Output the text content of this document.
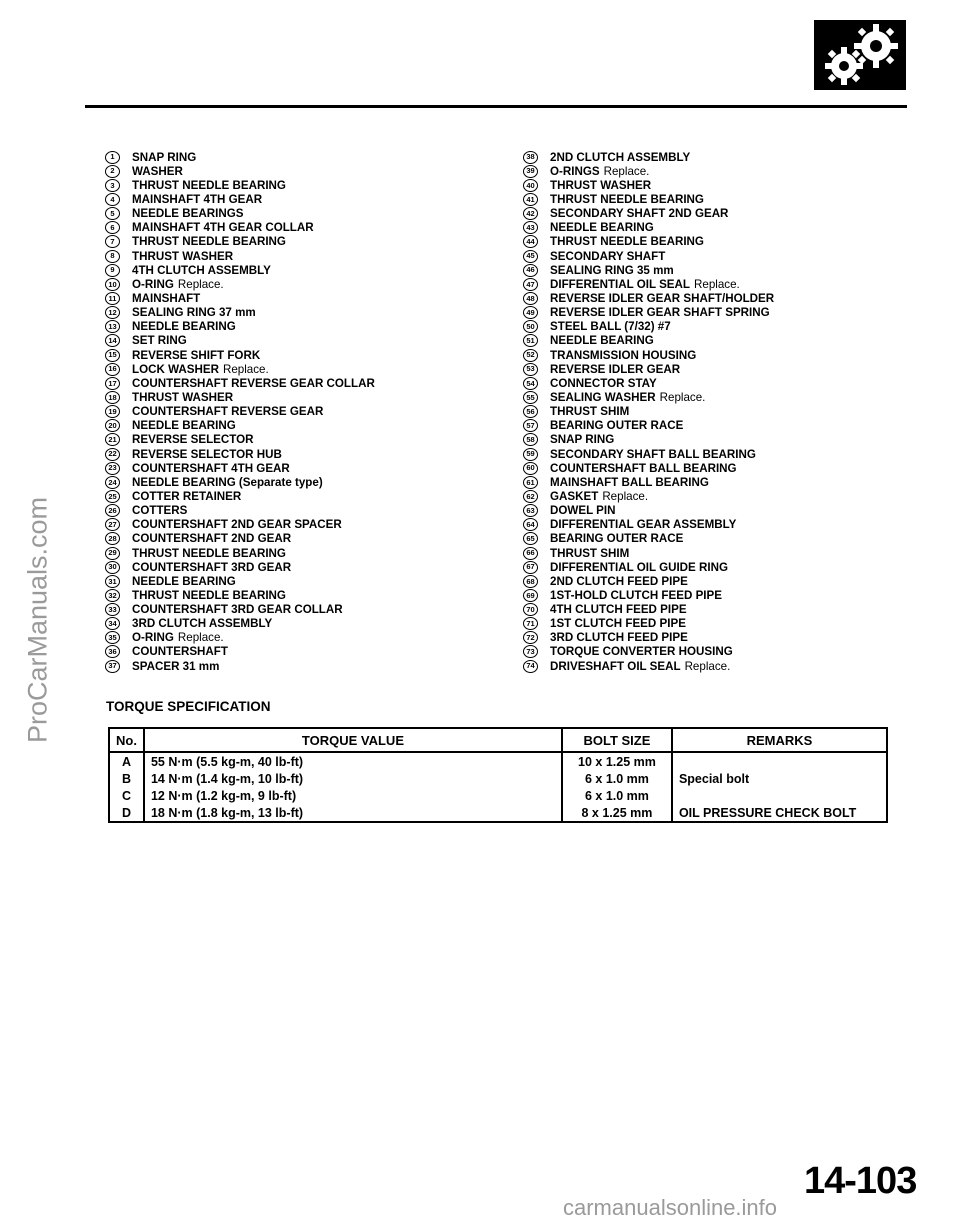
ProCarManuals.com
1	SNAP RING
2	WASHER
3	THRUST NEEDLE BEARING
4	MAINSHAFT 4TH GEAR
5	NEEDLE BEARINGS
6	MAINSHAFT 4TH GEAR COLLAR
7	THRUST NEEDLE BEARING
8	THRUST WASHER
9	4TH CLUTCH ASSEMBLY
10 O-RING Replace.
11	MAINSHAFT
12 SEALING RING 37 mm
13 NEEDLE BEARING
14 SET RING
15 REVERSE SHIFT FORK
16 LOCK WASHER Replace.
17 COUNTERSHAFT REVERSE GEAR COLLAR
18 THRUST WASHER
19 COUNTERSHAFT REVERSE GEAR
20 NEEDLE BEARING
21 REVERSE SELECTOR
22 REVERSE SELECTOR HUB
23 COUNTERSHAFT 4TH GEAR
24 NEEDLE BEARING (Separate type)
25 COTTER RETAINER
26 COTTERS
27 COUNTERSHAFT 2ND GEAR SPACER
28 COUNTERSHAFT 2ND GEAR
29 THRUST NEEDLE BEARING
30 COUNTERSHAFT 3RD GEAR
31 NEEDLE BEARING
32 THRUST NEEDLE BEARING
33 COUNTERSHAFT 3RD GEAR COLLAR
34 3RD CLUTCH ASSEMBLY
35 O-RING Replace.
36 COUNTERSHAFT
37 SPACER 31 mm
38 2ND CLUTCH ASSEMBLY
39 O-RINGS Replace.
40 THRUST WASHER
41 THRUST NEEDLE BEARING
42 SECONDARY SHAFT 2ND GEAR
43 NEEDLE BEARING
44 THRUST NEEDLE BEARING
45 SECONDARY SHAFT
46 SEALING RING 35 mm
47 DIFFERENTIAL OIL SEAL Replace.
48 REVERSE IDLER GEAR SHAFT/HOLDER
49 REVERSE IDLER GEAR SHAFT SPRING
50 STEEL BALL (7/32) #7
51 NEEDLE BEARING
52 TRANSMISSION HOUSING
53 REVERSE IDLER GEAR
54 CONNECTOR STAY
55 SEALING WASHER Replace.
56 THRUST SHIM
57 BEARING OUTER RACE
58 SNAP RING
59 SECONDARY SHAFT BALL BEARING
60 COUNTERSHAFT BALL BEARING
61 MAINSHAFT BALL BEARING
62 GASKET Replace.
63 DOWEL PIN
64 DIFFERENTIAL GEAR ASSEMBLY
65 BEARING OUTER RACE
66 THRUST SHIM
67 DIFFERENTIAL OIL GUIDE RING
68 2ND CLUTCH FEED PIPE
69 1ST-HOLD CLUTCH FEED PIPE
70 4TH CLUTCH FEED PIPE
71 1ST CLUTCH FEED PIPE
72 3RD CLUTCH FEED PIPE
73 TORQUE CONVERTER HOUSING
74 DRIVESHAFT OIL SEAL Replace.
TORQUE SPECIFICATION
No.	TORQUE VALUE	BOLT SIZE	REMARKS
A	55 N·m (5.5 kg-m, 40 lb-ft)	10 x 1.25 mm	
B	14 N·m (1.4 kg-m, 10 lb-ft)	6 x 1.0 mm	Special bolt
C	12 N·m (1.2 kg-m, 9 lb-ft)	6 x 1.0 mm	
D	18 N·m (1.8 kg-m, 13 lb-ft)	8 x 1.25 mm	OIL PRESSURE CHECK BOLT
14-103
carmanualsonline.info
